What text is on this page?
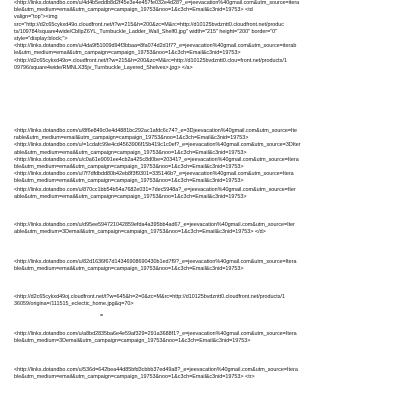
<http://links.dotandbo.com/u/4d4b5eddb8d2f45e3e4e457fe032e4d28?_e=jeevacation%40gmail.com&utm_source=itera
ble&utm_medium=email&utm_campaign=campaign_19753&noo=1&c3ch=Email&c3nid=19753> <td
valign="top"><img
src="http://d2c65cykxd49o.cloudfront.net/t?w=215&h=200&zc=M&rc=http://d10125bvdzntt0.cloudfront.net/produc
ts/109784/square4wide/CbllpZ6YL_Turnbuckle_Ladder_Wall_Shelf0.jpg" width="215" height="200" border="0"
style="display:block;">
<http://links.dotandbo.com/u/4da9f51009d94f3bbaa=8fa074d2d1f7?_e=jeevacation%40gmail.com&utm_source=iterab
le&utm_medium=email&utm_campaign=campaign_19753&noo=1&c3ch=Email&c3nid=19753>
<http://d2c65cykxd49o=.cloudfront.net/t?w=215&h=200&zc=M&rc=http://d10125bvdzntt0.clou=front.net/products/1
09796/square4wide/RMNLX35jv_Turnbuckle_Layered_Shelves>.jpg> </a>
<http://links.dotandbo.com/u/8f6e849c0e4d4881bc292ac1afdc6c74?_e=3Djeevacation%40gmail.com&utm_source=Ite
rable&utm_medium=email&utm_campaign=campaign_19753&noo=1&c3ch=Email&c3nid=19753>
<http://links.dotandbo.com/u/=1cdafc99e4cd4563906f15b419c1c0ef?_e=jeevacation%40gmail.com&utm_source=3DIter
able&utm_medium=email&utm_campaign=campaign_19753&noo=1&c3ch=Email&c3nid=19753>
<http://links.dotandbo.com/u/c0a61e9091ee4cb2a425c8d0be=20341?_e=jeevacation%40gmail.com&utm_source=Itera
ble&utm_medium=email&utm_campaign=campaign_19753&noo=1&c3ch=Email&c3nid=19753>
<http://links.dotandbo.com/u/7f7dfdbdd80b42eb8f3f9301=335146b?_e=jeevacation%40gmail.com&utm_source=Itera
ble&utm_medium=email&utm_campaign=campaign_19753&noo=1&c3ch=Email&c3nid=19753>
<http://links.dotandbo.com/u/870cc1bb54b54a7682e031=7dec5948a?_e=jeevacation%40gmail.com&utm_source=Iter
able&utm_medium=email&utm_campaign=campaign_19753&noo=1&c3ch=Email&c3nid=19753>
<http://links.dotandbo.com/u/d95ee594721042859efda4a395bb4ad67_e=jeevacation%40gmail.com&utm_source=Iter
able&utm_medium=3Demail&utm_campaign=campaign_19753&noo=1&c3ch=Email&c3nid=19753> </d>
<http://links.dotandbo.com/u/82d1636f67d14346908690430b1ed7f9?_e=jeevacation%40gmail.com&utm_source=Itera
ble&utm_medium=email&utm_campaign=campaign_19753&noo=1&c3ch=Email&c3nid=19753>
<http://d2c65cykxd49oj.cloudfront.net/t?w=645&h=2=0&zc=M&rc=http://d10125bvdzntt0.cloudfront.net/products/1
36059/origina=/111515_eclectic_home.jpg&q=70>
=
<http://links.dotandbo.com/u/a8bd2835ba6e4e59af329=291a3688f1?_e=jeevacation%40gmail.com&utm_source=Itera
ble&utm_medium=3Demail&utm_campaign=campaign_19753&noo=1&c3ch=Email&c3nid=19753>
<http://links.dotandbo.com/u/536d=642bea44d85bfd3cbbb37ed49a8?_e=jeevacation%40gmail.com&utm_source=Itera
ble&utm_medium=email&utm_campaign=campaign_19753&noo=1&c3ch=Email&c3nid=19753> <tr>
